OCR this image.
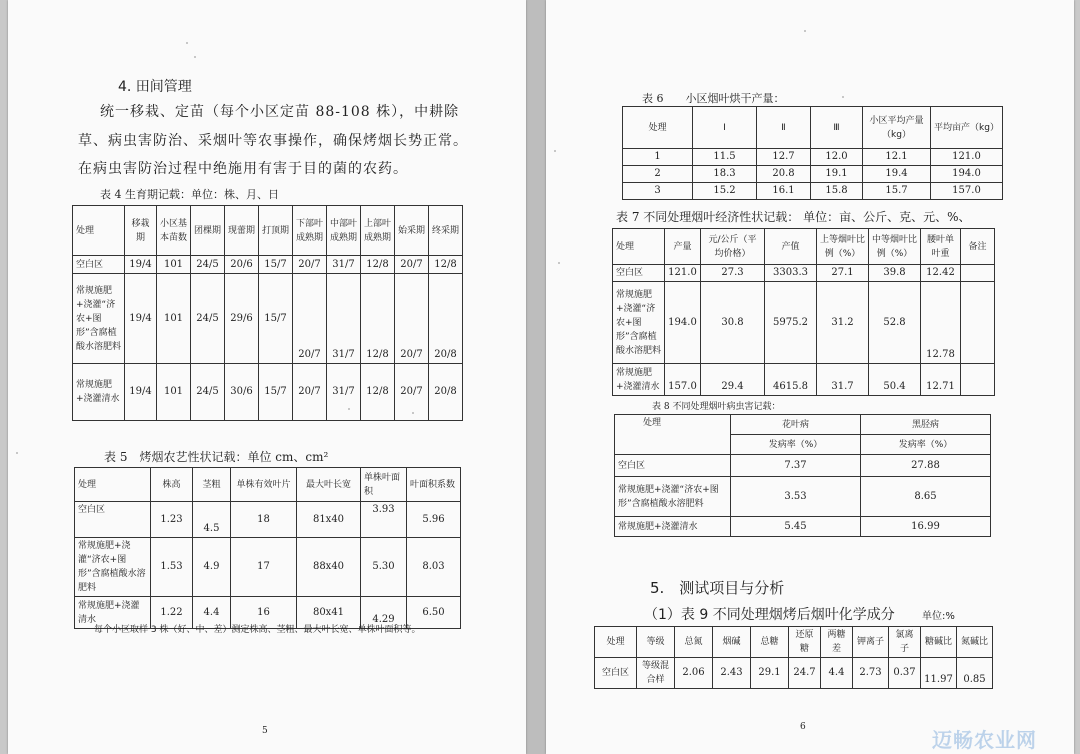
4. 田间管理
统一移栽、定苗（每个小区定苗 88-108 株），中耕除
草、病虫害防治、采烟叶等农事操作，确保烤烟长势正常。
在病虫害防治过程中绝施用有害于目的菌的农药。
表 4 生育期记载：单位：株、月、日
处理	移栽期	小区基本苗数	团棵期	现蕾期	打顶期	下部叶成熟期	中部叶成熟期	上部叶成熟期	始采期	终采期
空白区	19/4	101	24/5	20/6	15/7	20/7	31/7	12/8	20/7	12/8
常规施肥+浇灌“济农+图形”含腐植酸水溶肥料	19/4	101	24/5	29/6	15/7	20/7	31/7	12/8	20/7	20/8
常规施肥+浇灌清水	19/4	101	24/5	30/6	15/7	20/7	31/7	12/8	20/7	20/8
表 5　烤烟农艺性状记载：单位 cm、cm²
处理	株高	茎粗	单株有效叶片	最大叶长宽	单株叶面积	叶面积系数
空白区	1.23	4.5	18	81x40	3.93	5.96
常规施肥+浇灌“济农+图形”含腐植酸水溶肥料	1.53	4.9	17	88x40	5.30	8.03
常规施肥+浇灌清水	1.22	4.4	16	80x41	4.29	6.50
每个小区取样 3 株（好、中、差）测定株高、茎粗、最大叶长宽、单株叶面积等。
5
表 6　　小区烟叶烘干产量：
处理	Ⅰ	Ⅱ	Ⅲ	小区平均产量（kg）	平均亩产（kg）
1	11.5	12.7	12.0	12.1	121.0
2	18.3	20.8	19.1	19.4	194.0
3	15.2	16.1	15.8	15.7	157.0
表 7 不同处理烟叶经济性状记载： 单位：亩、公斤、克、元、%、
处理	产量	元/公斤（平均价格）	产值	上等烟叶比例（%）	中等烟叶比例（%）	腰叶单叶重	备注
空白区	121.0	27.3	3303.3	27.1	39.8	12.42	
常规施肥+浇灌“济农+图形”含腐植酸水溶肥料	194.0	30.8	5975.2	31.2	52.8	12.78	
常规施肥+浇灌清水	157.0	29.4	4615.8	31.7	50.4	12.71	
表 8 不同处理烟叶病虫害记载：
处理	花叶病	黑胫病
	发病率（%）	发病率（%）
空白区	7.37	27.88
常规施肥+浇灌“济农+图形”含腐植酸水溶肥料	3.53	8.65
常规施肥+浇灌清水	5.45	16.99
5.　测试项目与分析
（1）表 9 不同处理烟烤后烟叶化学成分	单位:%
处理	等级	总氮	烟碱	总糖	还原糖	两糖差	钾离子	氯离子	糖碱比	氮碱比
空白区	等级混合样	2.06	2.43	29.1	24.7	4.4	2.73	0.37	11.97	0.85
6
迈畅农业网
